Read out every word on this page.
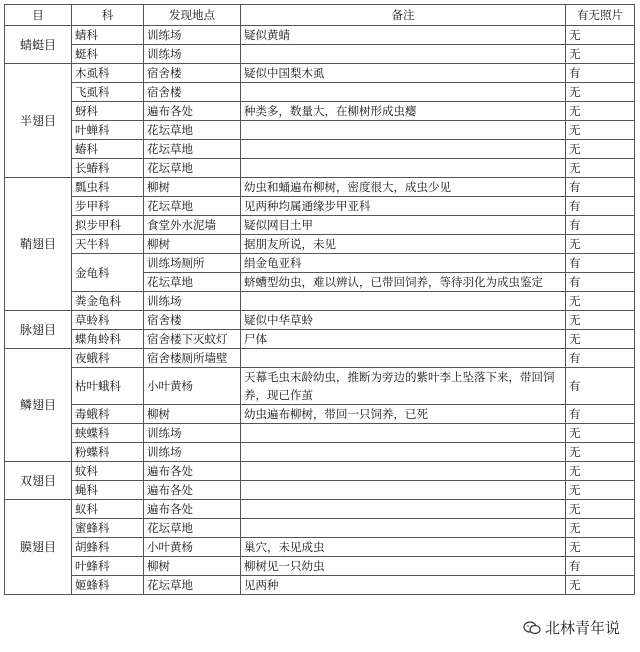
目	科	发现地点	备注	有无照片
蜻蜓目	蜻科	训练场	疑似黄蜻	无
	蜓科	训练场		无
半翅目	木虱科	宿舍楼	疑似中国梨木虱	有
	飞虱科	宿舍楼		无
	蚜科	遍布各处	种类多，数量大，在柳树形成虫瘿	无
	叶蝉科	花坛草地		无
	蝽科	花坛草地		无
	长蝽科	花坛草地		无
鞘翅目	瓢虫科	柳树	幼虫和蛹遍布柳树，密度很大，成虫少见	有
	步甲科	花坛草地	见两种均属通缘步甲亚科	有
	拟步甲科	食堂外水泥墙	疑似网目土甲	有
	天牛科	柳树	据朋友所说，未见	无
	金龟科	训练场厕所	绢金龟亚科	有
		花坛草地	蛴螬型幼虫，难以辨认，已带回饲养，等待羽化为成虫鉴定	有
	粪金龟科	训练场		无
脉翅目	草蛉科	宿舍楼	疑似中华草蛉	无
	蝶角蛉科	宿舍楼下灭蚊灯	尸体	无
鳞翅目	夜蛾科	宿舍楼厕所墙壁		有
	枯叶蛾科	小叶黄杨	天幕毛虫末龄幼虫，推断为旁边的紫叶李上坠落下来，带回饲养，现已作茧	有
	毒蛾科	柳树	幼虫遍布柳树，带回一只饲养，已死	有
	蛱蝶科	训练场		无
	粉蝶科	训练场		无
双翅目	蚊科	遍布各处		无
	蝇科	遍布各处		无
膜翅目	蚁科	遍布各处		无
	蜜蜂科	花坛草地		无
	胡蜂科	小叶黄杨	巢穴，未见成虫	无
	叶蜂科	柳树	柳树见一只幼虫	有
	姬蜂科	花坛草地	见两种	无
北林青年说
